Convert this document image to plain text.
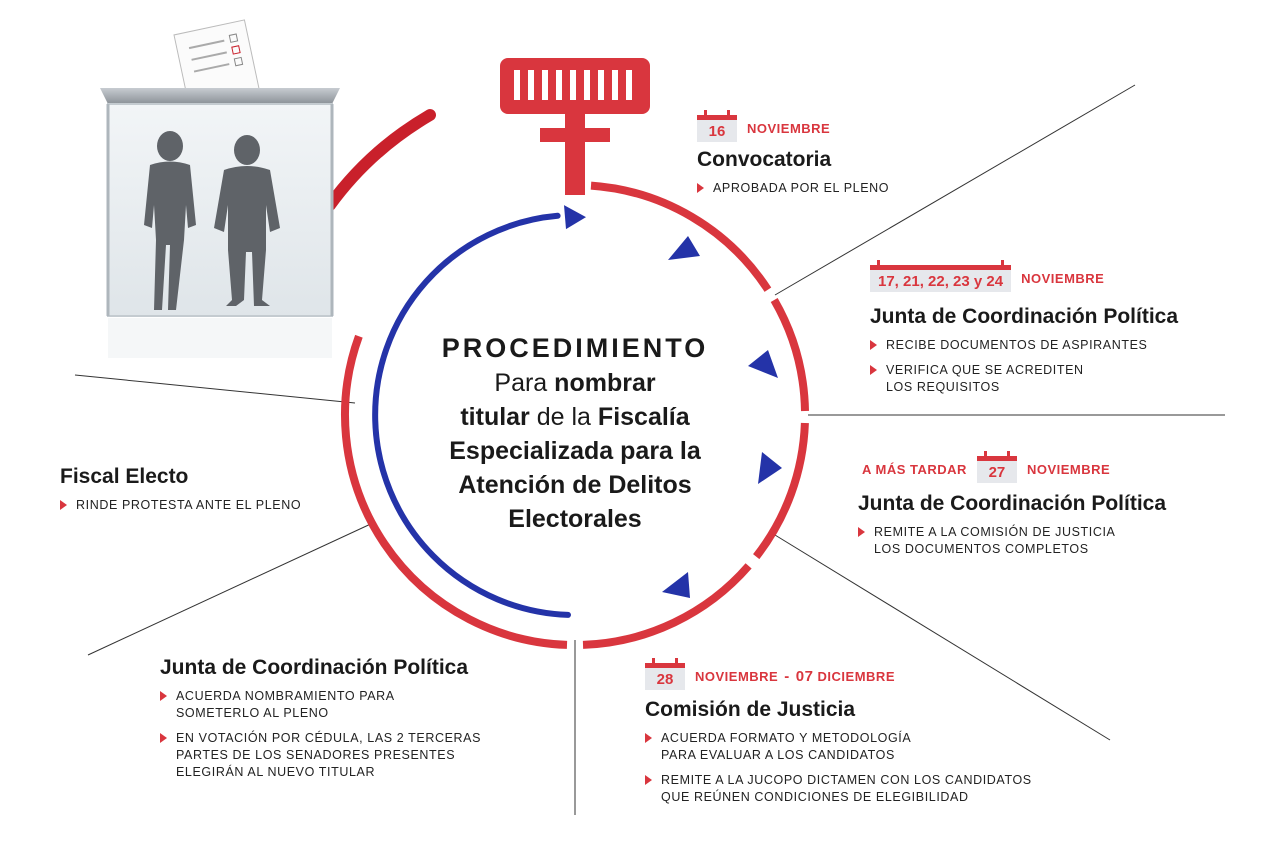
PROCEDIMIENTO
Para nombrar
titular de la Fiscalía
Especializada para la
Atención de Delitos
Electorales
16	NOVIEMBRE
Convocatoria
APROBADA POR EL PLENO
17, 21, 22, 23 y 24	NOVIEMBRE
Junta de Coordinación Política
RECIBE DOCUMENTOS DE ASPIRANTES
VERIFICA QUE SE ACREDITEN
LOS REQUISITOS
A MÁS TARDAR	27	NOVIEMBRE
Junta de Coordinación Política
REMITE A LA COMISIÓN DE JUSTICIA
LOS DOCUMENTOS COMPLETOS
28	NOVIEMBRE - 07 DICIEMBRE
Comisión de Justicia
ACUERDA FORMATO Y METODOLOGÍA
PARA EVALUAR A LOS CANDIDATOS
REMITE A LA JUCOPO DICTAMEN CON LOS CANDIDATOS
QUE REÚNEN CONDICIONES DE ELEGIBILIDAD
Junta de Coordinación Política
ACUERDA NOMBRAMIENTO PARA
SOMETERLO AL PLENO
EN VOTACIÓN POR CÉDULA, LAS 2 TERCERAS
PARTES DE LOS SENADORES PRESENTES
ELEGIRÁN AL NUEVO TITULAR
Fiscal Electo
RINDE PROTESTA ANTE EL PLENO
